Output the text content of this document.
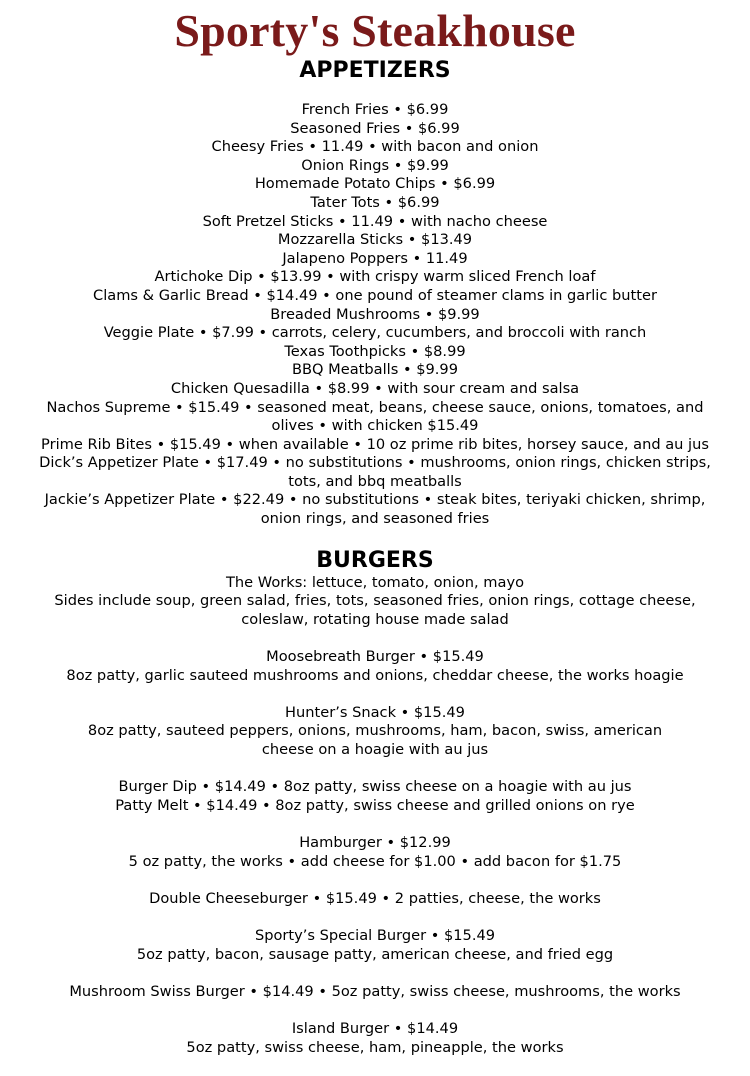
Sporty's Steakhouse
APPETIZERS
French Fries • $6.99
Seasoned Fries • $6.99
Cheesy Fries • 11.49 • with bacon and onion
Onion Rings • $9.99
Homemade Potato Chips • $6.99
Tater Tots • $6.99
Soft Pretzel Sticks • 11.49 • with nacho cheese
Mozzarella Sticks • $13.49
Jalapeno Poppers • 11.49
Artichoke Dip • $13.99 • with crispy warm sliced French loaf
Clams & Garlic Bread • $14.49 • one pound of steamer clams in garlic butter
Breaded Mushrooms • $9.99
Veggie Plate • $7.99 • carrots, celery, cucumbers, and broccoli with ranch
Texas Toothpicks • $8.99
BBQ Meatballs • $9.99
Chicken Quesadilla • $8.99 • with sour cream and salsa
Nachos Supreme • $15.49 • seasoned meat, beans, cheese sauce, onions, tomatoes, and
olives • with chicken $15.49
Prime Rib Bites • $15.49 • when available • 10 oz prime rib bites, horsey sauce, and au jus
Dick’s Appetizer Plate • $17.49 • no substitutions • mushrooms, onion rings, chicken strips,
tots, and bbq meatballs
Jackie’s Appetizer Plate • $22.49 • no substitutions • steak bites, teriyaki chicken, shrimp,
onion rings, and seasoned fries
BURGERS

The Works: lettuce, tomato, onion, mayo

Sides include soup, green salad, fries, tots, seasoned fries, onion rings, cottage cheese,

coleslaw, rotating house made salad

Moosebreath Burger • $15.49

8oz patty, garlic sauteed mushrooms and onions, cheddar cheese, the works hoagie

Hunter’s Snack • $15.49

8oz patty, sauteed peppers, onions, mushrooms, ham, bacon, swiss, american

cheese on a hoagie with au jus

Burger Dip • $14.49 • 8oz patty, swiss cheese on a hoagie with au jus

Patty Melt • $14.49 • 8oz patty, swiss cheese and grilled onions on rye

Hamburger • $12.99

5 oz patty, the works • add cheese for $1.00 • add bacon for $1.75

Double Cheeseburger • $15.49 • 2 patties, cheese, the works

Sporty’s Special Burger • $15.49

5oz patty, bacon, sausage patty, american cheese, and fried egg

Mushroom Swiss Burger • $14.49 • 5oz patty, swiss cheese, mushrooms, the works

Island Burger • $14.49

5oz patty, swiss cheese, ham, pineapple, the works
